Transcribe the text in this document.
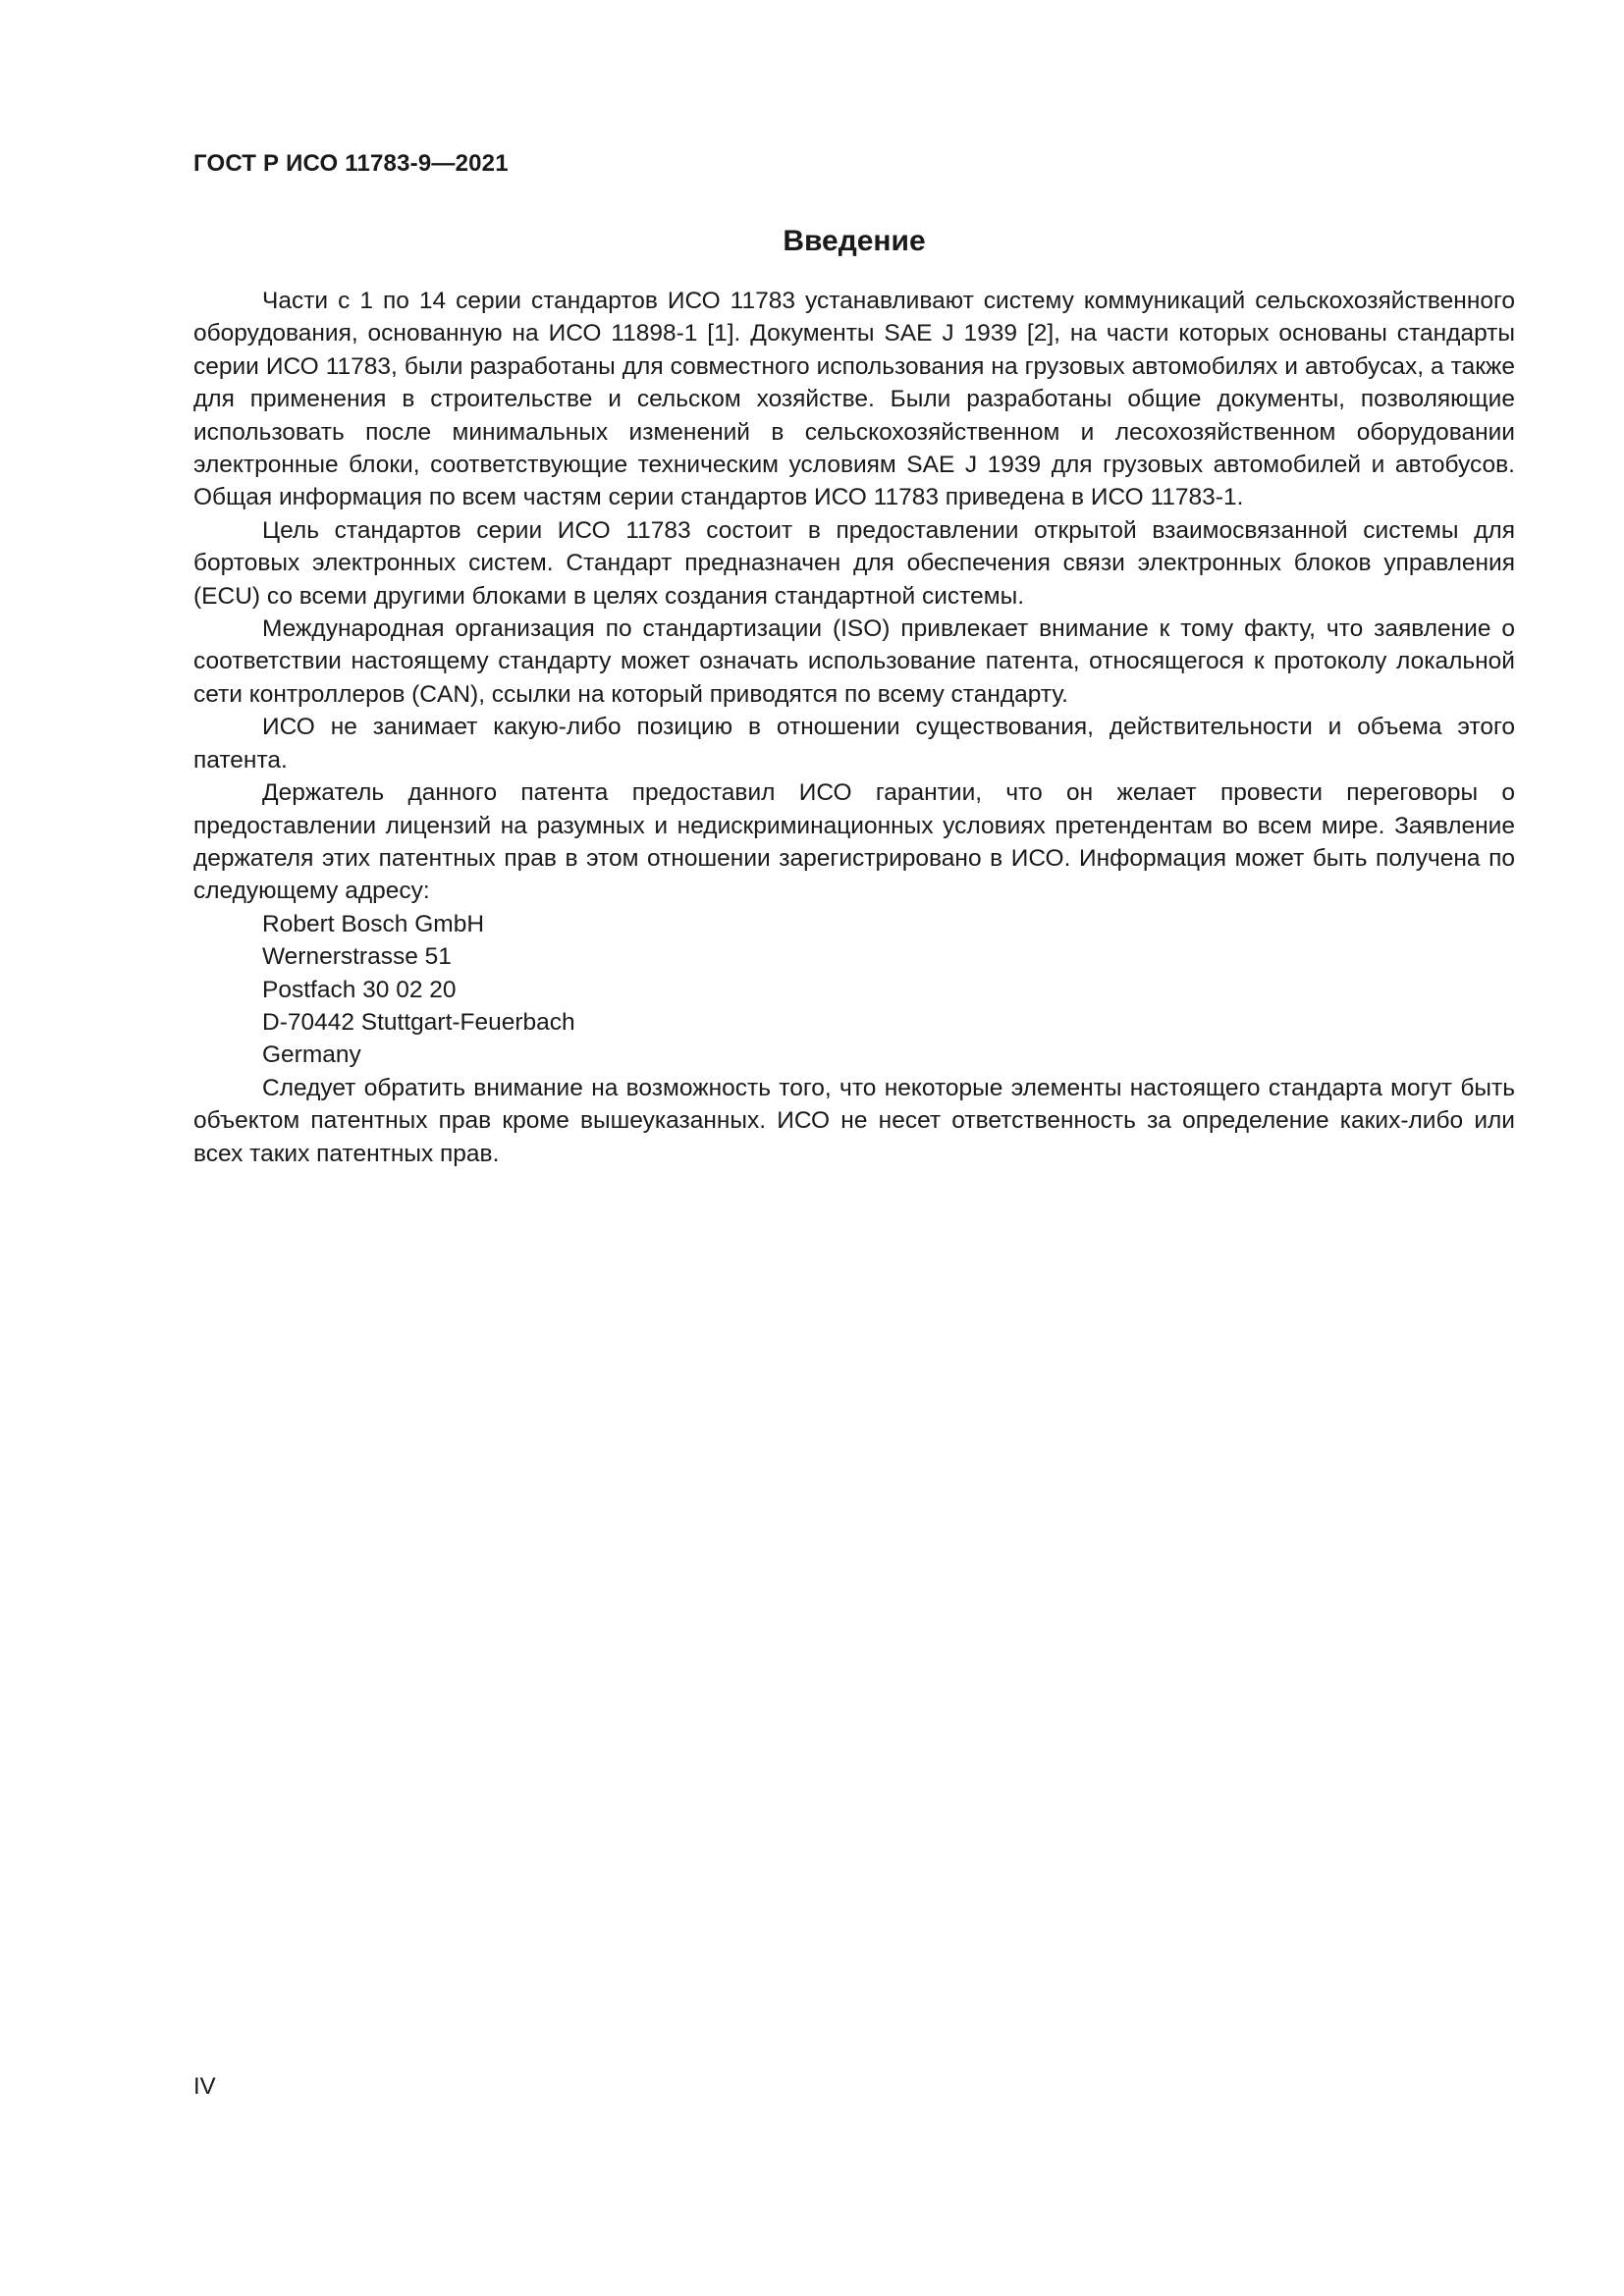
ГОСТ Р ИСО 11783-9—2021
Введение

Части с 1 по 14 серии стандартов ИСО 11783 устанавливают систему коммуникаций сельскохозяйственного оборудования, основанную на ИСО 11898-1 [1]. Документы SAE J 1939 [2], на части которых основаны стандарты серии ИСО 11783, были разработаны для совместного использования на грузовых автомобилях и автобусах, а также для применения в строительстве и сельском хозяйстве. Были разработаны общие документы, позволяющие использовать после минимальных изменений в сельскохозяйственном и лесохозяйственном оборудовании электронные блоки, соответствующие техническим условиям SAE J 1939 для грузовых автомобилей и автобусов. Общая информация по всем частям серии стандартов ИСО 11783 приведена в ИСО 11783-1.

Цель стандартов серии ИСО 11783 состоит в предоставлении открытой взаимосвязанной системы для бортовых электронных систем. Стандарт предназначен для обеспечения связи электронных блоков управления (ECU) со всеми другими блоками в целях создания стандартной системы.

Международная организация по стандартизации (ISO) привлекает внимание к тому факту, что заявление о соответствии настоящему стандарту может означать использование патента, относящегося к протоколу локальной сети контроллеров (CAN), ссылки на который приводятся по всему стандарту.

ИСО не занимает какую-либо позицию в отношении существования, действительности и объема этого патента.

Держатель данного патента предоставил ИСО гарантии, что он желает провести переговоры о предоставлении лицензий на разумных и недискриминационных условиях претендентам во всем мире. Заявление держателя этих патентных прав в этом отношении зарегистрировано в ИСО. Информация может быть получена по следующему адресу:

Robert Bosch GmbH

Wernerstrasse 51

Postfach 30 02 20

D-70442 Stuttgart-Feuerbach

Germany

Следует обратить внимание на возможность того, что некоторые элементы настоящего стандарта могут быть объектом патентных прав кроме вышеуказанных. ИСО не несет ответственность за определение каких-либо или всех таких патентных прав.

IV
